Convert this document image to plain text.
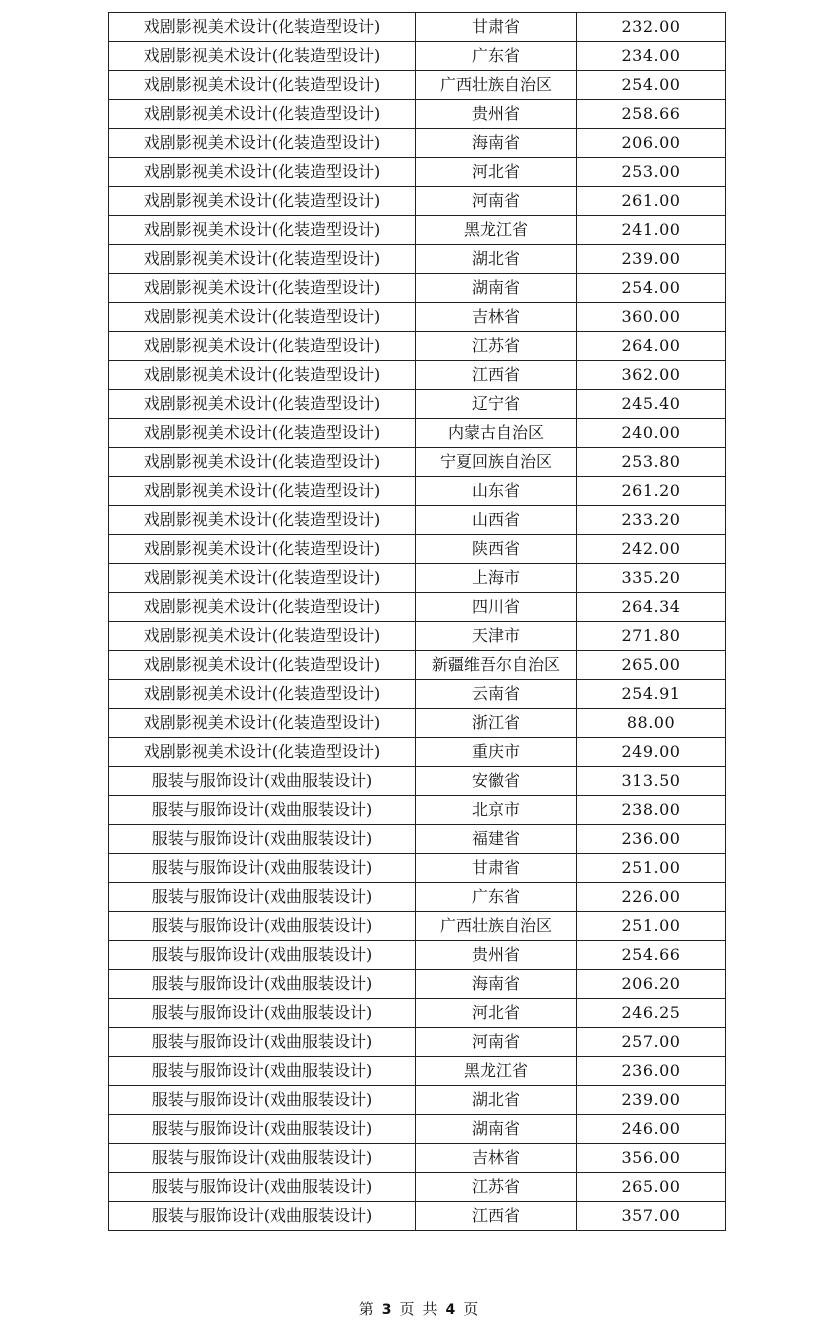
戏剧影视美术设计(化装造型设计)	甘肃省	232.00
戏剧影视美术设计(化装造型设计)	广东省	234.00
戏剧影视美术设计(化装造型设计)	广西壮族自治区	254.00
戏剧影视美术设计(化装造型设计)	贵州省	258.66
戏剧影视美术设计(化装造型设计)	海南省	206.00
戏剧影视美术设计(化装造型设计)	河北省	253.00
戏剧影视美术设计(化装造型设计)	河南省	261.00
戏剧影视美术设计(化装造型设计)	黑龙江省	241.00
戏剧影视美术设计(化装造型设计)	湖北省	239.00
戏剧影视美术设计(化装造型设计)	湖南省	254.00
戏剧影视美术设计(化装造型设计)	吉林省	360.00
戏剧影视美术设计(化装造型设计)	江苏省	264.00
戏剧影视美术设计(化装造型设计)	江西省	362.00
戏剧影视美术设计(化装造型设计)	辽宁省	245.40
戏剧影视美术设计(化装造型设计)	内蒙古自治区	240.00
戏剧影视美术设计(化装造型设计)	宁夏回族自治区	253.80
戏剧影视美术设计(化装造型设计)	山东省	261.20
戏剧影视美术设计(化装造型设计)	山西省	233.20
戏剧影视美术设计(化装造型设计)	陕西省	242.00
戏剧影视美术设计(化装造型设计)	上海市	335.20
戏剧影视美术设计(化装造型设计)	四川省	264.34
戏剧影视美术设计(化装造型设计)	天津市	271.80
戏剧影视美术设计(化装造型设计)	新疆维吾尔自治区	265.00
戏剧影视美术设计(化装造型设计)	云南省	254.91
戏剧影视美术设计(化装造型设计)	浙江省	88.00
戏剧影视美术设计(化装造型设计)	重庆市	249.00
服装与服饰设计(戏曲服装设计)	安徽省	313.50
服装与服饰设计(戏曲服装设计)	北京市	238.00
服装与服饰设计(戏曲服装设计)	福建省	236.00
服装与服饰设计(戏曲服装设计)	甘肃省	251.00
服装与服饰设计(戏曲服装设计)	广东省	226.00
服装与服饰设计(戏曲服装设计)	广西壮族自治区	251.00
服装与服饰设计(戏曲服装设计)	贵州省	254.66
服装与服饰设计(戏曲服装设计)	海南省	206.20
服装与服饰设计(戏曲服装设计)	河北省	246.25
服装与服饰设计(戏曲服装设计)	河南省	257.00
服装与服饰设计(戏曲服装设计)	黑龙江省	236.00
服装与服饰设计(戏曲服装设计)	湖北省	239.00
服装与服饰设计(戏曲服装设计)	湖南省	246.00
服装与服饰设计(戏曲服装设计)	吉林省	356.00
服装与服饰设计(戏曲服装设计)	江苏省	265.00
服装与服饰设计(戏曲服装设计)	江西省	357.00
第 3 页 共 4 页
